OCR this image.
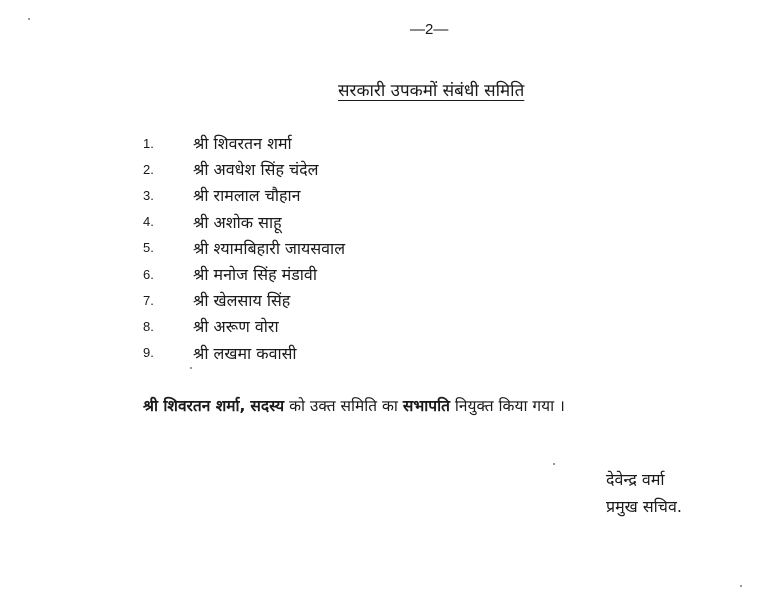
—2—
सरकारी उपकमों संबंधी समिति
1.	श्री शिवरतन शर्मा
2.	श्री अवधेश सिंह चंदेल
3.	श्री रामलाल चौहान
4.	श्री अशोक साहू
5.	श्री श्यामबिहारी जायसवाल
6.	श्री मनोज सिंह मंडावी
7.	श्री खेलसाय सिंह
8.	श्री अरूण वोरा
9.	श्री लखमा कवासी
श्री शिवरतन शर्मा, सदस्य को उक्त समिति का सभापति नियुक्त किया गया ।
देवेन्द्र वर्मा
प्रमुख सचिव.
